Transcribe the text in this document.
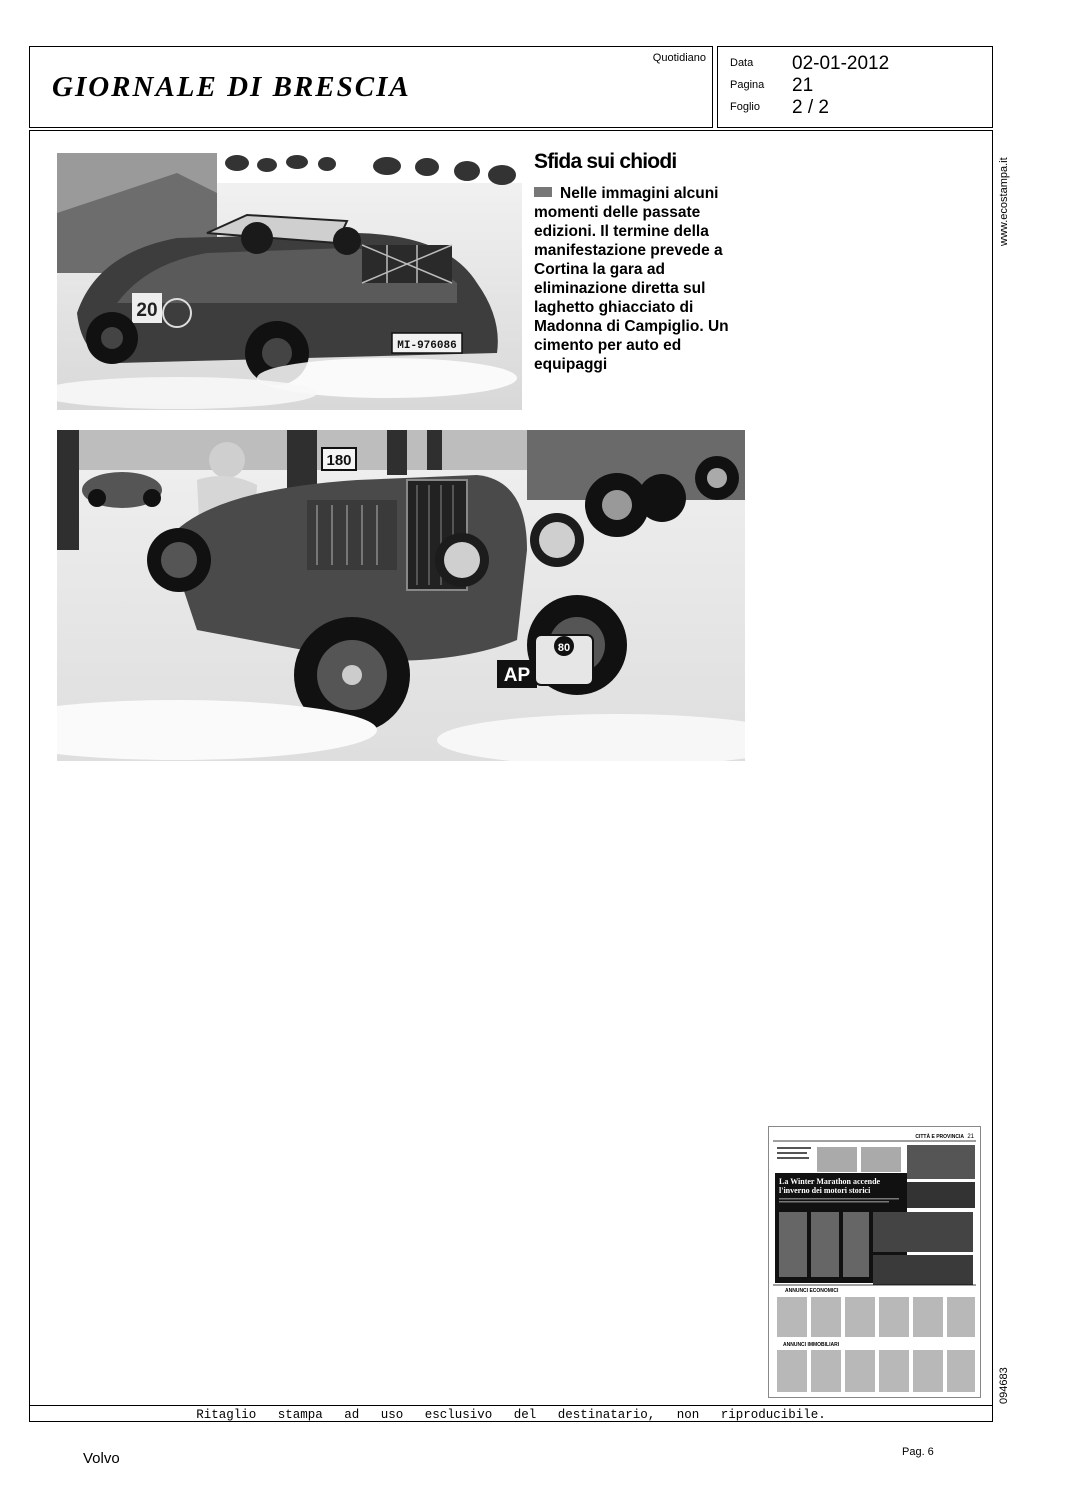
GIORNALE DI BRESCIA
Quotidiano Data 02-01-2012
Pagina 21
Foglio 2 / 2
Ritaglio stampa ad uso esclusivo del destinatario, non riproducibile.
20
MI-976086
Sfida sui chiodi
Nelle immagini alcuni momenti delle passate edizioni. Il termine della manifestazione prevede a Cortina la gara ad eliminazione diretta sul laghetto ghiacciato di Madonna di Campiglio. Un cimento per auto ed equipaggi
180
AP
80
CITTÀ E PROVINCIA 21
La Winter Marathon accende
l'inverno dei motori storici
ANNUNCI ECONOMICI
ANNUNCI IMMOBILIARI
www.ecostampa.it
094683
Volvo	Pag. 6
